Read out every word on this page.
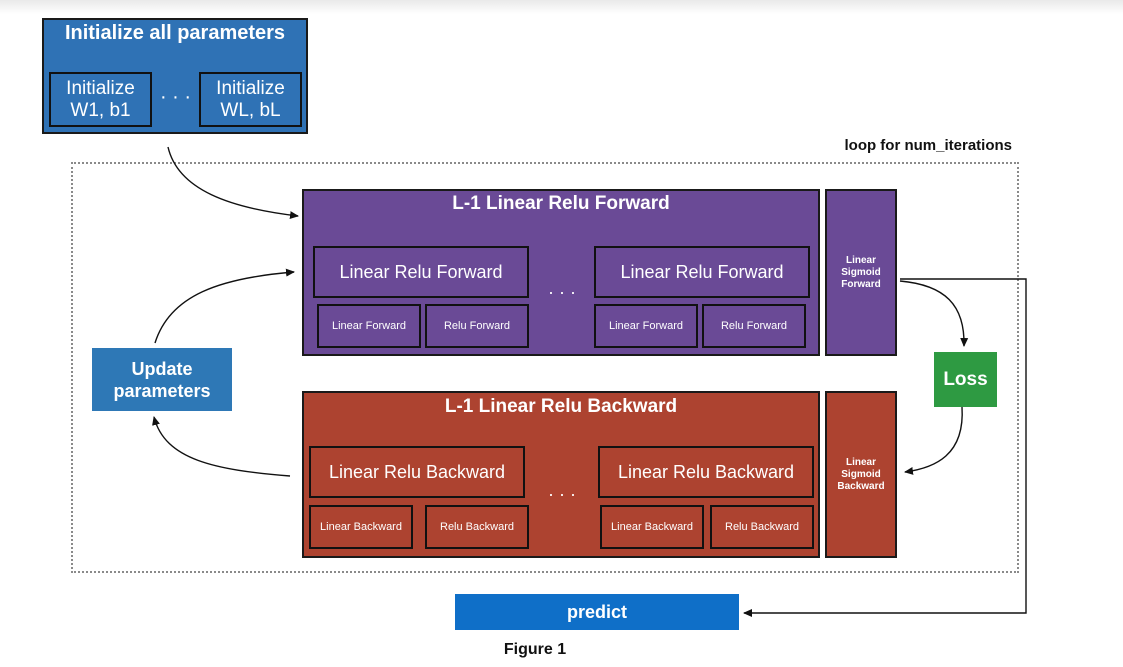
Initialize all parameters
Initialize
W1, b1
· · ·	Initialize
WL, bL
loop for num_iterations
L-1 Linear Relu Forward
Linear Relu Forward	Linear Relu Forward
Linear Forward	Relu Forward	Linear Forward	Relu Forward
· · ·
Linear
Sigmoid
Forward
L-1 Linear Relu Backward
Linear Relu Backward	Linear Relu Backward
Linear Backward	Relu Backward	Linear Backward	Relu Backward
· · ·
Linear
Sigmoid
Backward
Update
parameters
Loss
predict
Figure 1
